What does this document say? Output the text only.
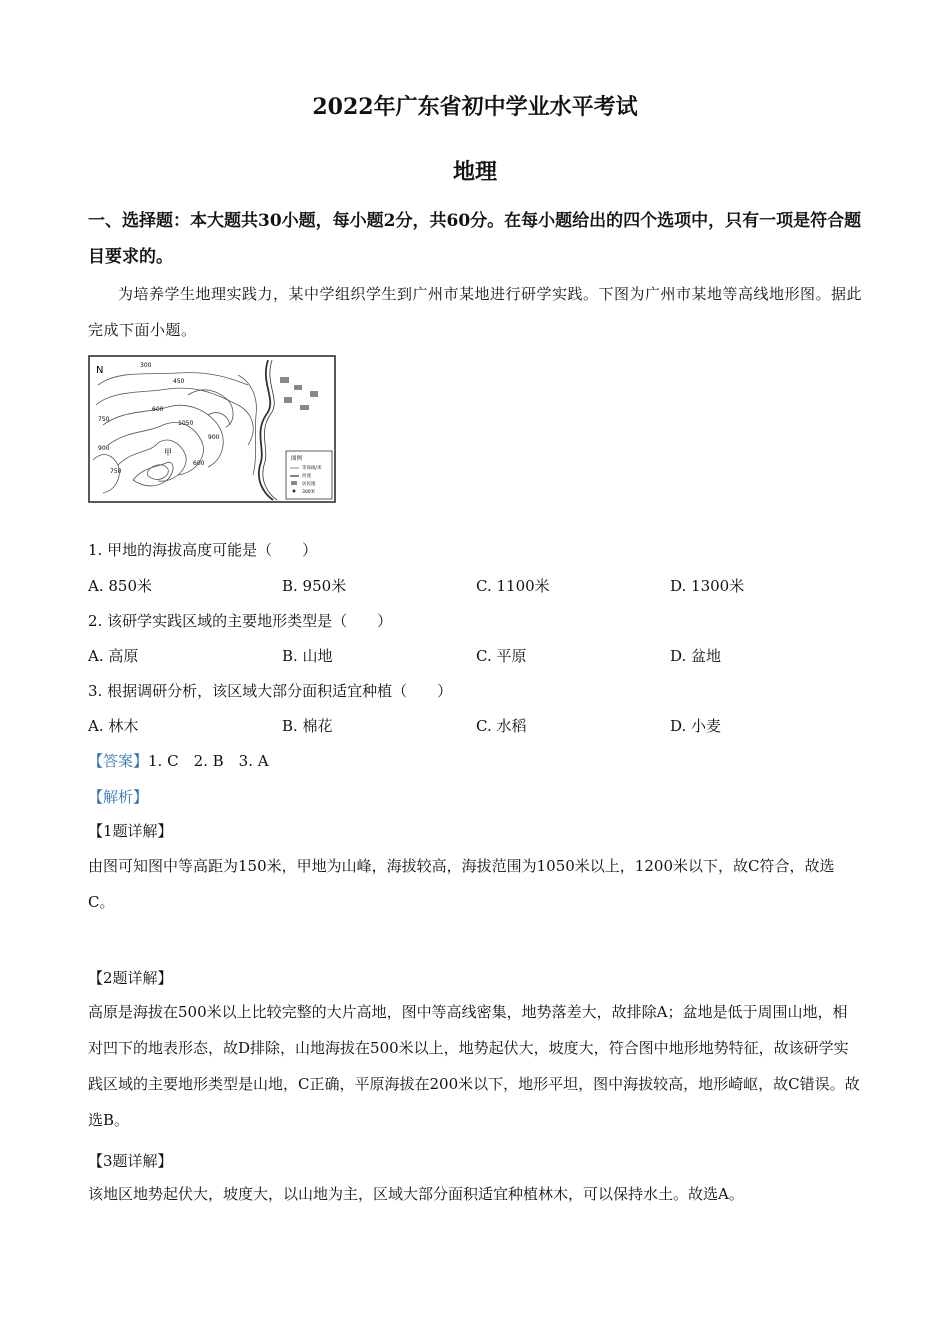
2022年广东省初中学业水平考试
地理
一、选择题：本大题共30小题，每小题2分，共60分。在每小题给出的四个选项中，只有一项是符合题目要求的。
为培养学生地理实践力，某中学组织学生到广州市某地进行研学实践。下图为广州市某地等高线地形图。据此完成下面小题。
N	300
450
600
750
900
1050
900
750
600
甲
图例
等高线/米
河流
居民地
300米
1. 甲地的海拔高度可能是（　　）
A. 850米	B. 950米	C. 1100米	D. 1300米
2. 该研学实践区域的主要地形类型是（　　）
A. 高原	B. 山地	C. 平原	D. 盆地
3. 根据调研分析，该区域大部分面积适宜种植（　　）
A. 林木	B. 棉花	C. 水稻	D. 小麦
【答案】1. C　2. B　3. A
【解析】
【1题详解】
由图可知图中等高距为150米，甲地为山峰，海拔较高，海拔范围为1050米以上，1200米以下，故C符合，故选C。
【2题详解】
高原是海拔在500米以上比较完整的大片高地，图中等高线密集，地势落差大，故排除A；盆地是低于周围山地，相对凹下的地表形态，故D排除，山地海拔在500米以上，地势起伏大，坡度大，符合图中地形地势特征，故该研学实践区域的主要地形类型是山地，C正确，平原海拔在200米以下，地形平坦，图中海拔较高，地形崎岖，故C错误。故选B。
【3题详解】
该地区地势起伏大，坡度大，以山地为主，区域大部分面积适宜种植林木，可以保持水土。故选A。
